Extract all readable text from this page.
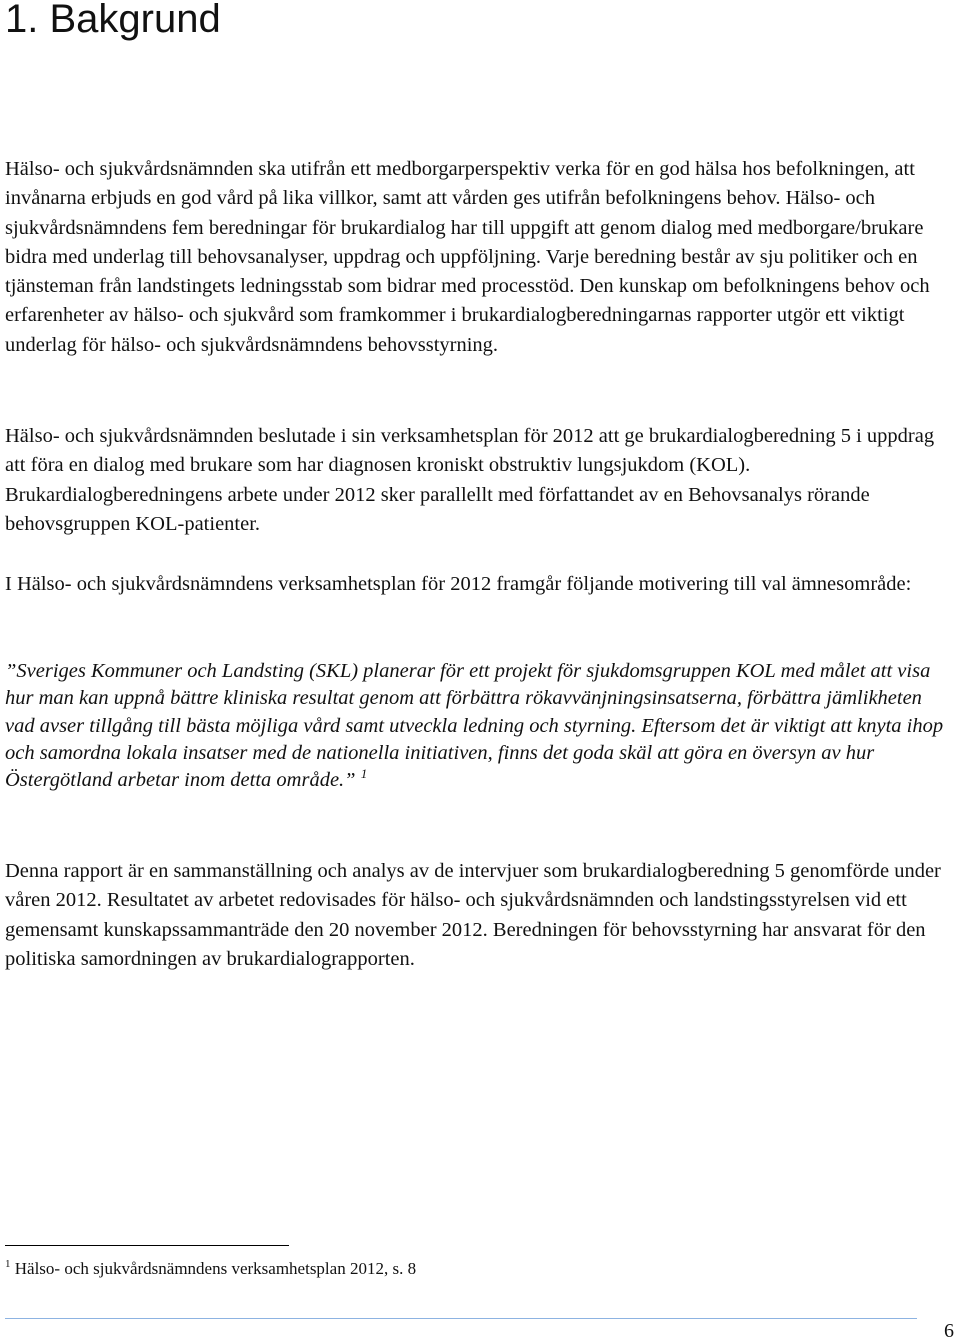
1. Bakgrund

Hälso- och sjukvårdsnämnden ska utifrån ett medborgarperspektiv verka för en god hälsa hos befolkningen, att invånarna erbjuds en god vård på lika villkor, samt att vården ges utifrån befolkningens behov. Hälso- och sjukvårdsnämndens fem beredningar för brukardialog har till uppgift att genom dialog med medborgare/brukare bidra med underlag till behovsanalyser, uppdrag och uppföljning. Varje beredning består av sju politiker och en tjänsteman från landstingets ledningsstab som bidrar med processtöd. Den kunskap om befolkningens behov och erfarenheter av hälso- och sjukvård som framkommer i brukardialogberedningarnas rapporter utgör ett viktigt underlag för hälso- och sjukvårdsnämndens behovsstyrning.

Hälso- och sjukvårdsnämnden beslutade i sin verksamhetsplan för 2012 att ge brukardialogberedning 5 i uppdrag att föra en dialog med brukare som har diagnosen kroniskt obstruktiv lungsjukdom (KOL). Brukardialogberedningens arbete under 2012 sker parallellt med författandet av en Behovsanalys rörande behovsgruppen KOL-patienter.

I Hälso- och sjukvårdsnämndens verksamhetsplan för 2012 framgår följande motivering till val ämnesområde:

”Sveriges Kommuner och Landsting (SKL) planerar för ett projekt för sjukdomsgruppen KOL med målet att visa hur man kan uppnå bättre kliniska resultat genom att förbättra rökavvänjningsinsatserna, förbättra jämlikheten vad avser tillgång till bästa möjliga vård samt utveckla ledning och styrning. Eftersom det är viktigt att knyta ihop och samordna lokala insatser med de nationella initiativen, finns det goda skäl att göra en översyn av hur Östergötland arbetar inom detta område.” $^1$

Denna rapport är en sammanställning och analys av de intervjuer som brukardialogberedning 5 genomförde under våren 2012. Resultatet av arbetet redovisades för hälso- och sjukvårdsnämnden och landstingsstyrelsen vid ett gemensamt kunskapssammanträde den 20 november 2012. Beredningen för behovsstyrning har ansvarat för den politiska samordningen av brukardialograpporten.

$^1$ Hälso- och sjukvårdsnämndens verksamhetsplan 2012, s. 8

6
